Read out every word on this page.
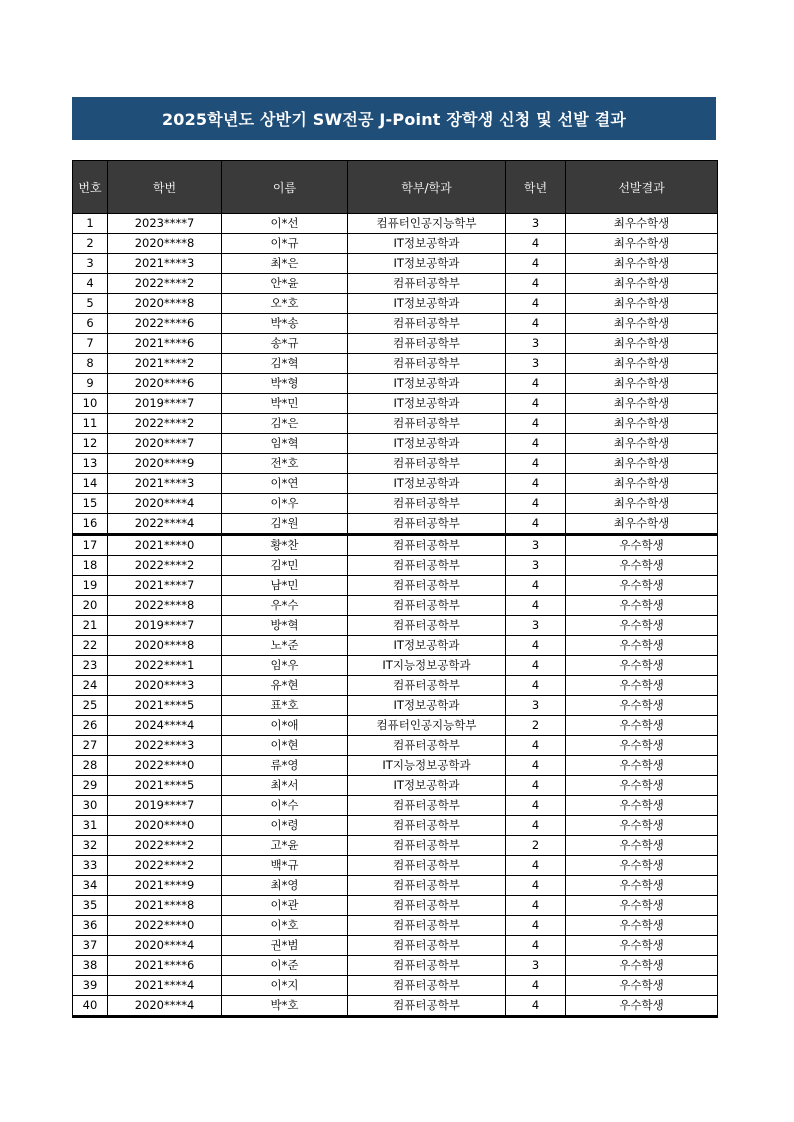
2025학년도 상반기 SW전공 J-Point 장학생 신청 및 선발 결과
번호	학번	이름	학부/학과	학년	선발결과
1	2023****7	이*선	컴퓨터인공지능학부	3	최우수학생
2	2020****8	이*규	IT정보공학과	4	최우수학생
3	2021****3	최*은	IT정보공학과	4	최우수학생
4	2022****2	안*윤	컴퓨터공학부	4	최우수학생
5	2020****8	오*호	IT정보공학과	4	최우수학생
6	2022****6	박*송	컴퓨터공학부	4	최우수학생
7	2021****6	송*규	컴퓨터공학부	3	최우수학생
8	2021****2	김*혁	컴퓨터공학부	3	최우수학생
9	2020****6	박*형	IT정보공학과	4	최우수학생
10	2019****7	박*민	IT정보공학과	4	최우수학생
11	2022****2	김*은	컴퓨터공학부	4	최우수학생
12	2020****7	임*혁	IT정보공학과	4	최우수학생
13	2020****9	전*호	컴퓨터공학부	4	최우수학생
14	2021****3	이*연	IT정보공학과	4	최우수학생
15	2020****4	이*우	컴퓨터공학부	4	최우수학생
16	2022****4	김*원	컴퓨터공학부	4	최우수학생
17	2021****0	황*찬	컴퓨터공학부	3	우수학생
18	2022****2	김*민	컴퓨터공학부	3	우수학생
19	2021****7	남*민	컴퓨터공학부	4	우수학생
20	2022****8	우*수	컴퓨터공학부	4	우수학생
21	2019****7	방*혁	컴퓨터공학부	3	우수학생
22	2020****8	노*준	IT정보공학과	4	우수학생
23	2022****1	임*우	IT지능정보공학과	4	우수학생
24	2020****3	유*현	컴퓨터공학부	4	우수학생
25	2021****5	표*호	IT정보공학과	3	우수학생
26	2024****4	이*애	컴퓨터인공지능학부	2	우수학생
27	2022****3	이*현	컴퓨터공학부	4	우수학생
28	2022****0	류*영	IT지능정보공학과	4	우수학생
29	2021****5	최*서	IT정보공학과	4	우수학생
30	2019****7	이*수	컴퓨터공학부	4	우수학생
31	2020****0	이*령	컴퓨터공학부	4	우수학생
32	2022****2	고*윤	컴퓨터공학부	2	우수학생
33	2022****2	백*규	컴퓨터공학부	4	우수학생
34	2021****9	최*영	컴퓨터공학부	4	우수학생
35	2021****8	이*관	컴퓨터공학부	4	우수학생
36	2022****0	이*호	컴퓨터공학부	4	우수학생
37	2020****4	권*범	컴퓨터공학부	4	우수학생
38	2021****6	이*준	컴퓨터공학부	3	우수학생
39	2021****4	이*지	컴퓨터공학부	4	우수학생
40	2020****4	박*호	컴퓨터공학부	4	우수학생
